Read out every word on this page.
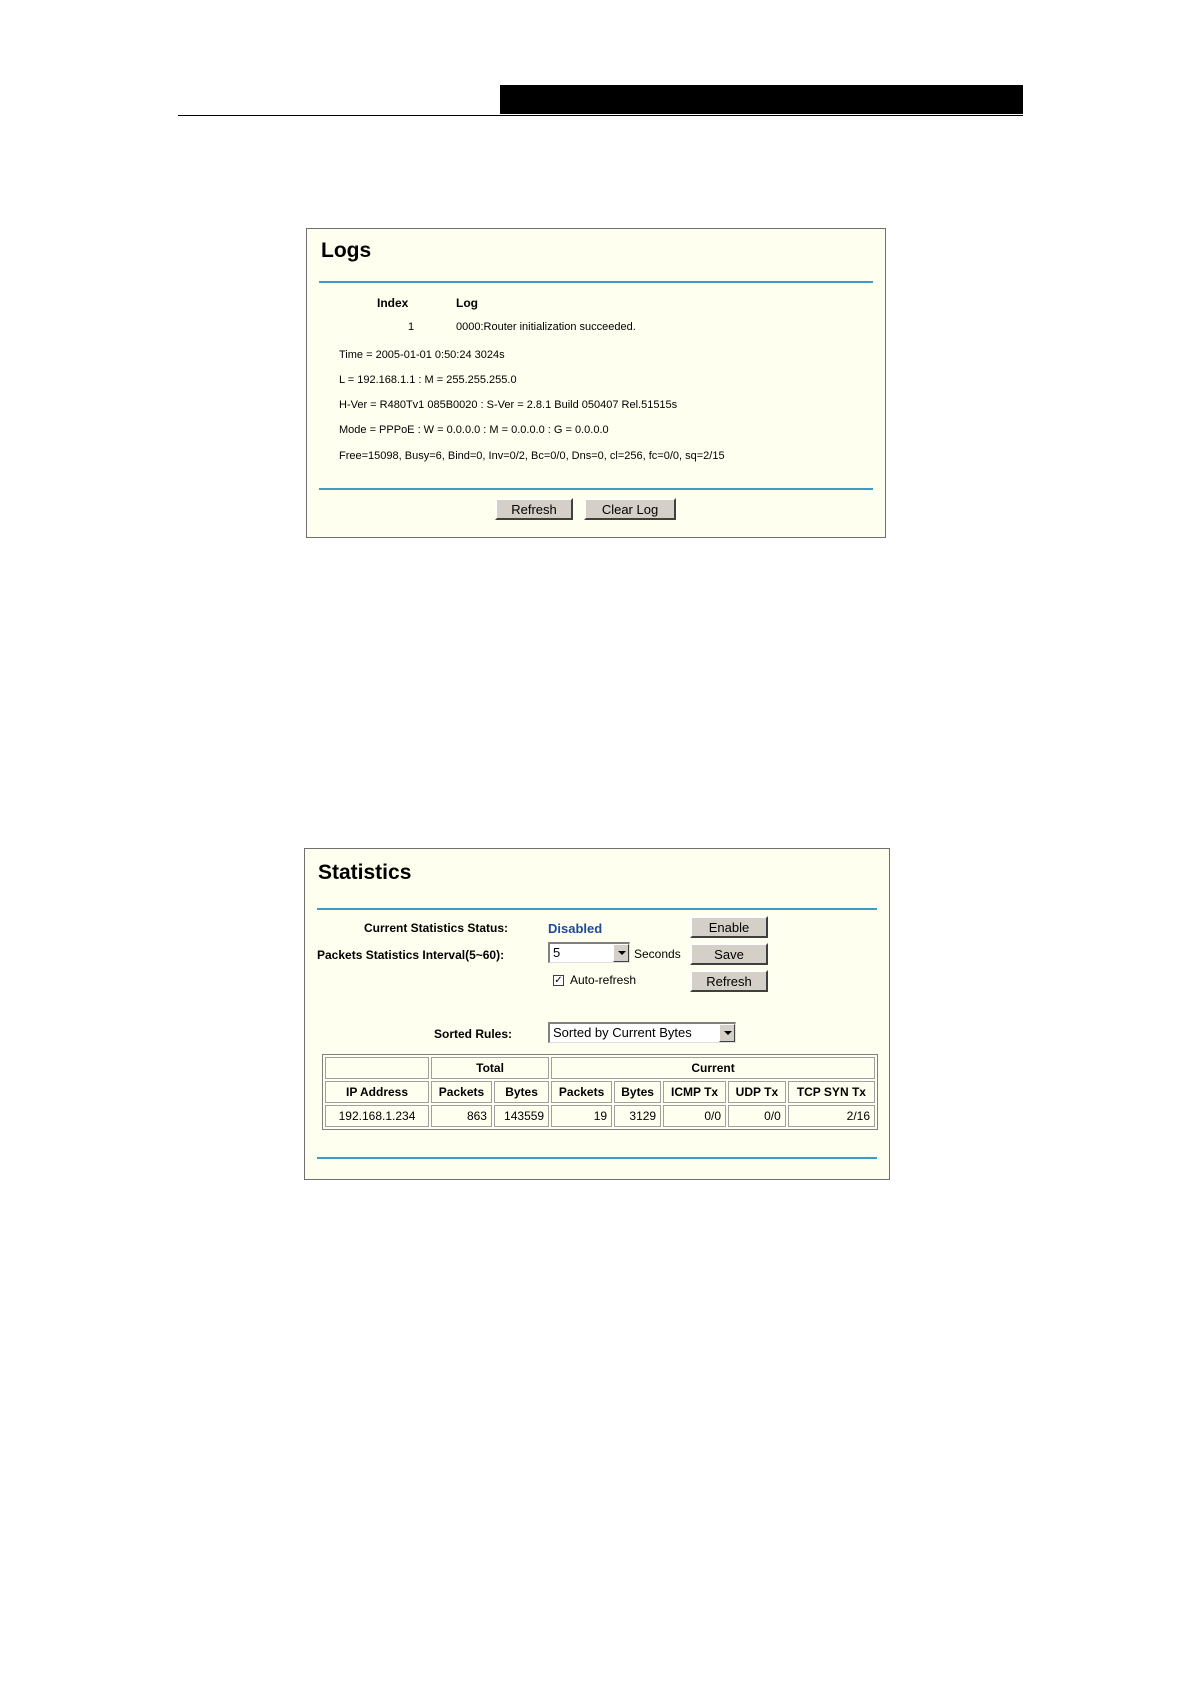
Logs
Index	Log
1	0000:Router initialization succeeded.
Time = 2005-01-01 0:50:24 3024s
L = 192.168.1.1 : M = 255.255.255.0
H-Ver = R480Tv1 085B0020 : S-Ver = 2.8.1 Build 050407 Rel.51515s
Mode = PPPoE : W = 0.0.0.0 : M = 0.0.0.0 : G = 0.0.0.0
Free=15098, Busy=6, Bind=0, Inv=0/2, Bc=0/0, Dns=0, cl=256, fc=0/0, sq=2/15
Refresh	Clear Log
Statistics
Current Statistics Status:	Disabled	Enable
Packets Statistics Interval(5~60):	5	Seconds	Save
✓ Auto-refresh	Refresh
Sorted Rules:	Sorted by Current Bytes
	Total		Current				
IP Address	Packets	Bytes	Packets	Bytes	ICMP Tx	UDP Tx	TCP SYN Tx
192.168.1.234	863	143559	19	3129	0/0	0/0	2/16
